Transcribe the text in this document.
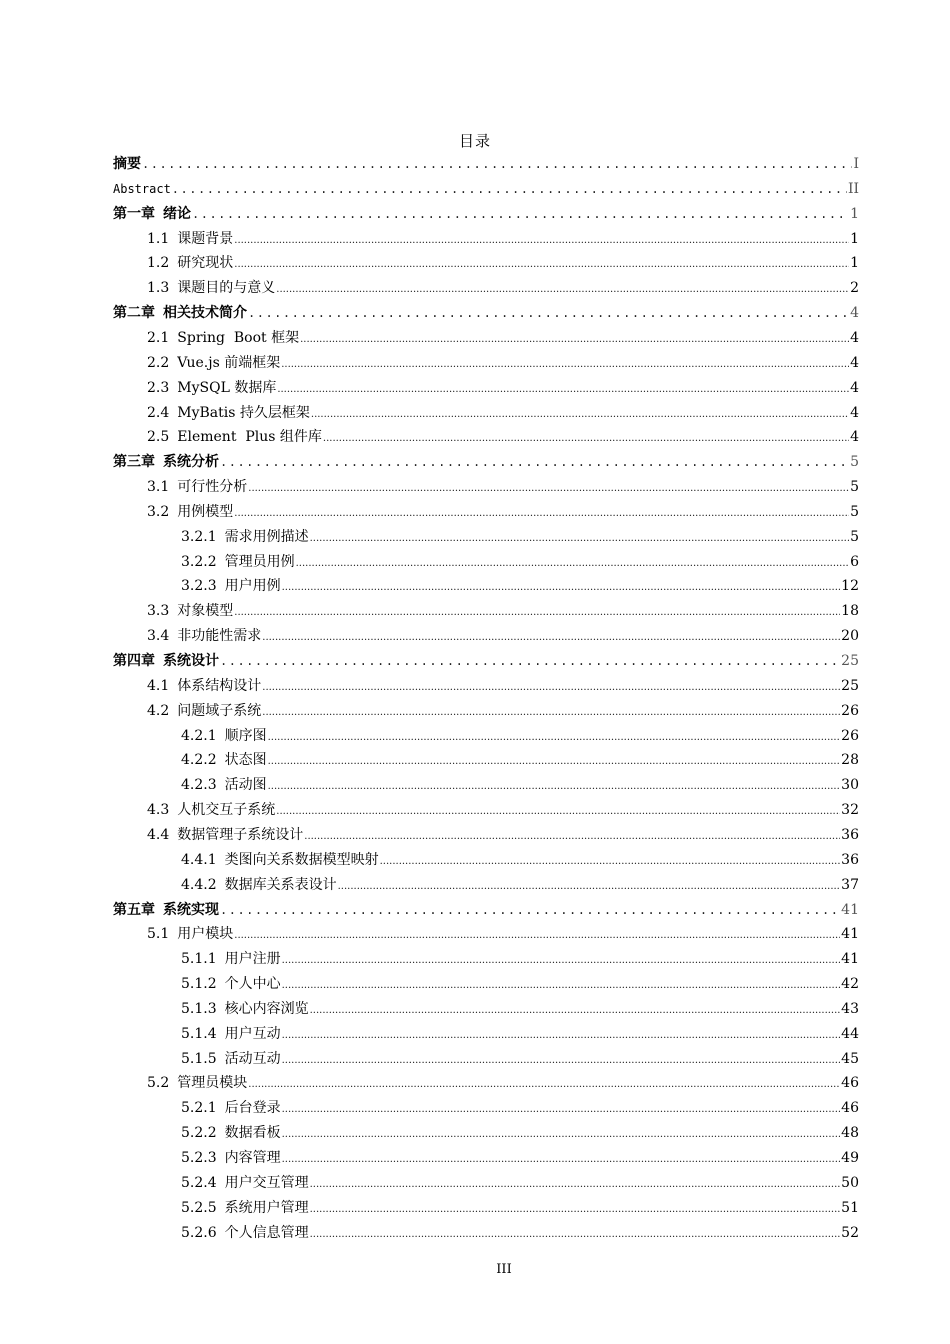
目录
摘要 .....	I
Abstract .....	II
第一章 绪论 .....	1
1.1 课题背景 .....	1
1.2 研究现状 .....	1
1.3 课题目的与意义 .....	2
第二章 相关技术简介 .....	4
2.1 Spring  Boot 框架 .....	4
2.2 Vue.js 前端框架 .....	4
2.3 MySQL 数据库 .....	4
2.4 MyBatis 持久层框架 .....	4
2.5 Element  Plus 组件库 .....	4
第三章 系统分析 .....	5
3.1 可行性分析 .....	5
3.2 用例模型 .....	5
3.2.1 需求用例描述 .....	5
3.2.2 管理员用例 .....	6
3.2.3 用户用例 .....	12
3.3 对象模型 .....	18
3.4 非功能性需求 .....	20
第四章 系统设计 .....	25
4.1 体系结构设计 .....	25
4.2 问题域子系统 .....	26
4.2.1 顺序图 .....	26
4.2.2 状态图 .....	28
4.2.3 活动图 .....	30
4.3 人机交互子系统 .....	32
4.4 数据管理子系统设计 .....	36
4.4.1 类图向关系数据模型映射 .....	36
4.4.2 数据库关系表设计 .....	37
第五章 系统实现 .....	41
5.1 用户模块 .....	41
5.1.1 用户注册 .....	41
5.1.2 个人中心 .....	42
5.1.3 核心内容浏览 .....	43
5.1.4 用户互动 .....	44
5.1.5 活动互动 .....	45
5.2 管理员模块 .....	46
5.2.1 后台登录 .....	46
5.2.2 数据看板 .....	48
5.2.3 内容管理 .....	49
5.2.4 用户交互管理 .....	50
5.2.5 系统用户管理 .....	51
5.2.6 个人信息管理 .....	52
III
